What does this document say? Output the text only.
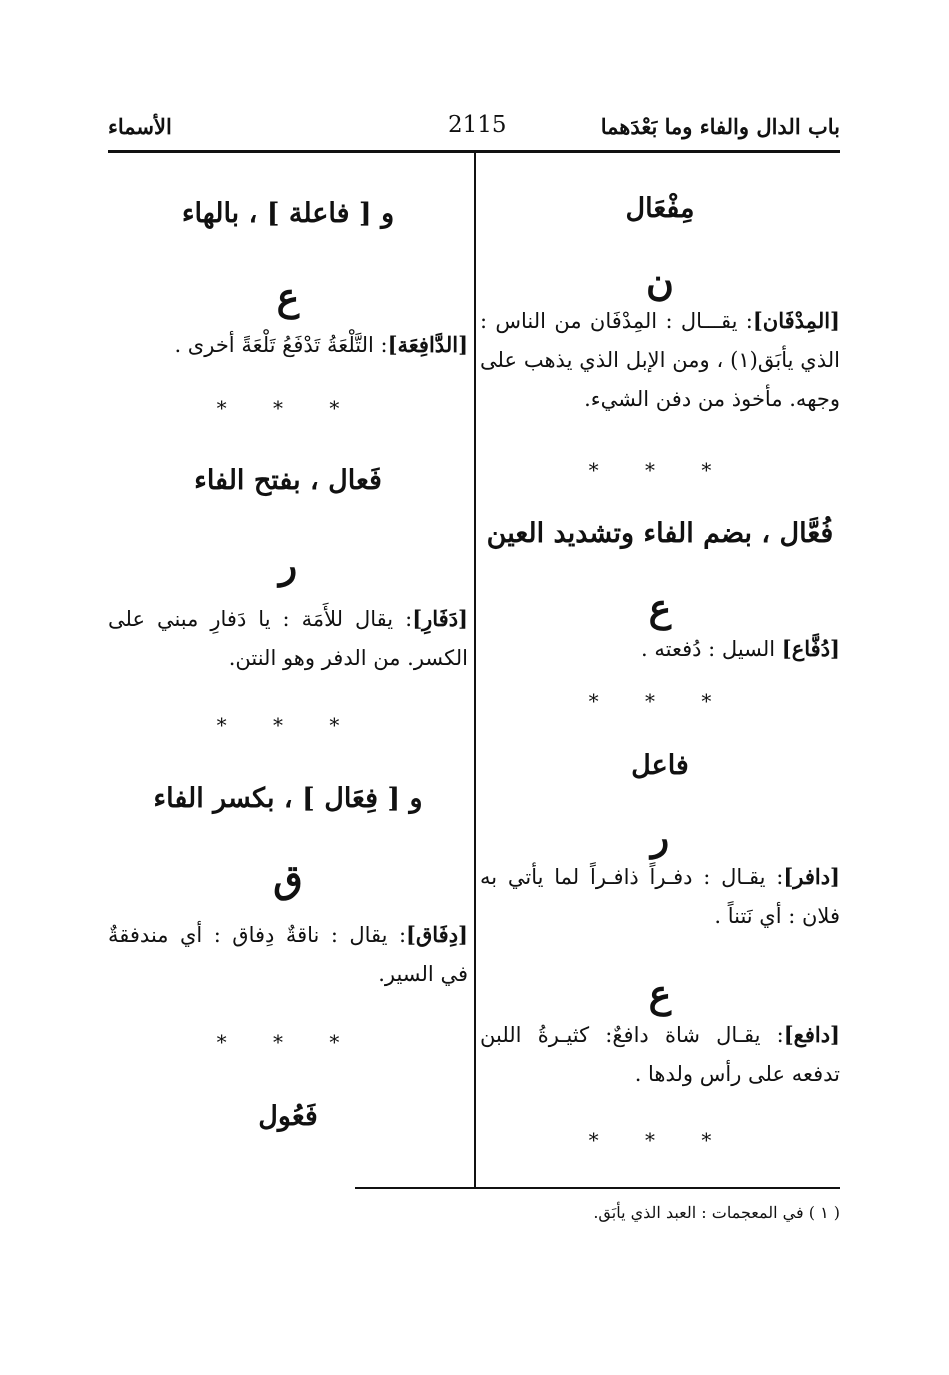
باب الدال والفاء وما بَعْدَهما
2115
الأسماء
مِفْعَال
ن
[المِدْفَان]: يقـــال : المِدْفَان من الناس : الذي يأبَق(١) ، ومن الإبل الذي يذهب على وجهه. مأخوذ من دفن الشيء.
* * *
فُعَّال ، بضم الفاء وتشديد العين
ع
[دُفَّاع] السيل : دُفعته .
* * *
فاعل
ر
[دافر]: يقـال : دفـراً ذافـراً لما يأتي به فلان : أي نَتناً .
ع
[دافع]: يقـال شاة دافعٌ: كثيـرةُ اللبن تدفعه على رأس ولدها .
* * *
و [ فاعلة ] ، بالهاء
ع
[الدَّافِعَة]: التَّلْعَةُ تَدْفَعُ تَلْعَةً أخرى .
* * *
فَعال ، بفتح الفاء
ر
[دَفَارِ]: يقال للأَمَة : يا دَفارِ مبني على الكسر. من الدفر وهو النتن.
* * *
و [ فِعَال ] ، بكسر الفاء
ق
[دِفَاق]: يقال : ناقةٌ دِفاق : أي مندفقةٌ في السير.
* * *
فَعُول
( ١ ) في المعجمات : العبد الذي يأبَق.
